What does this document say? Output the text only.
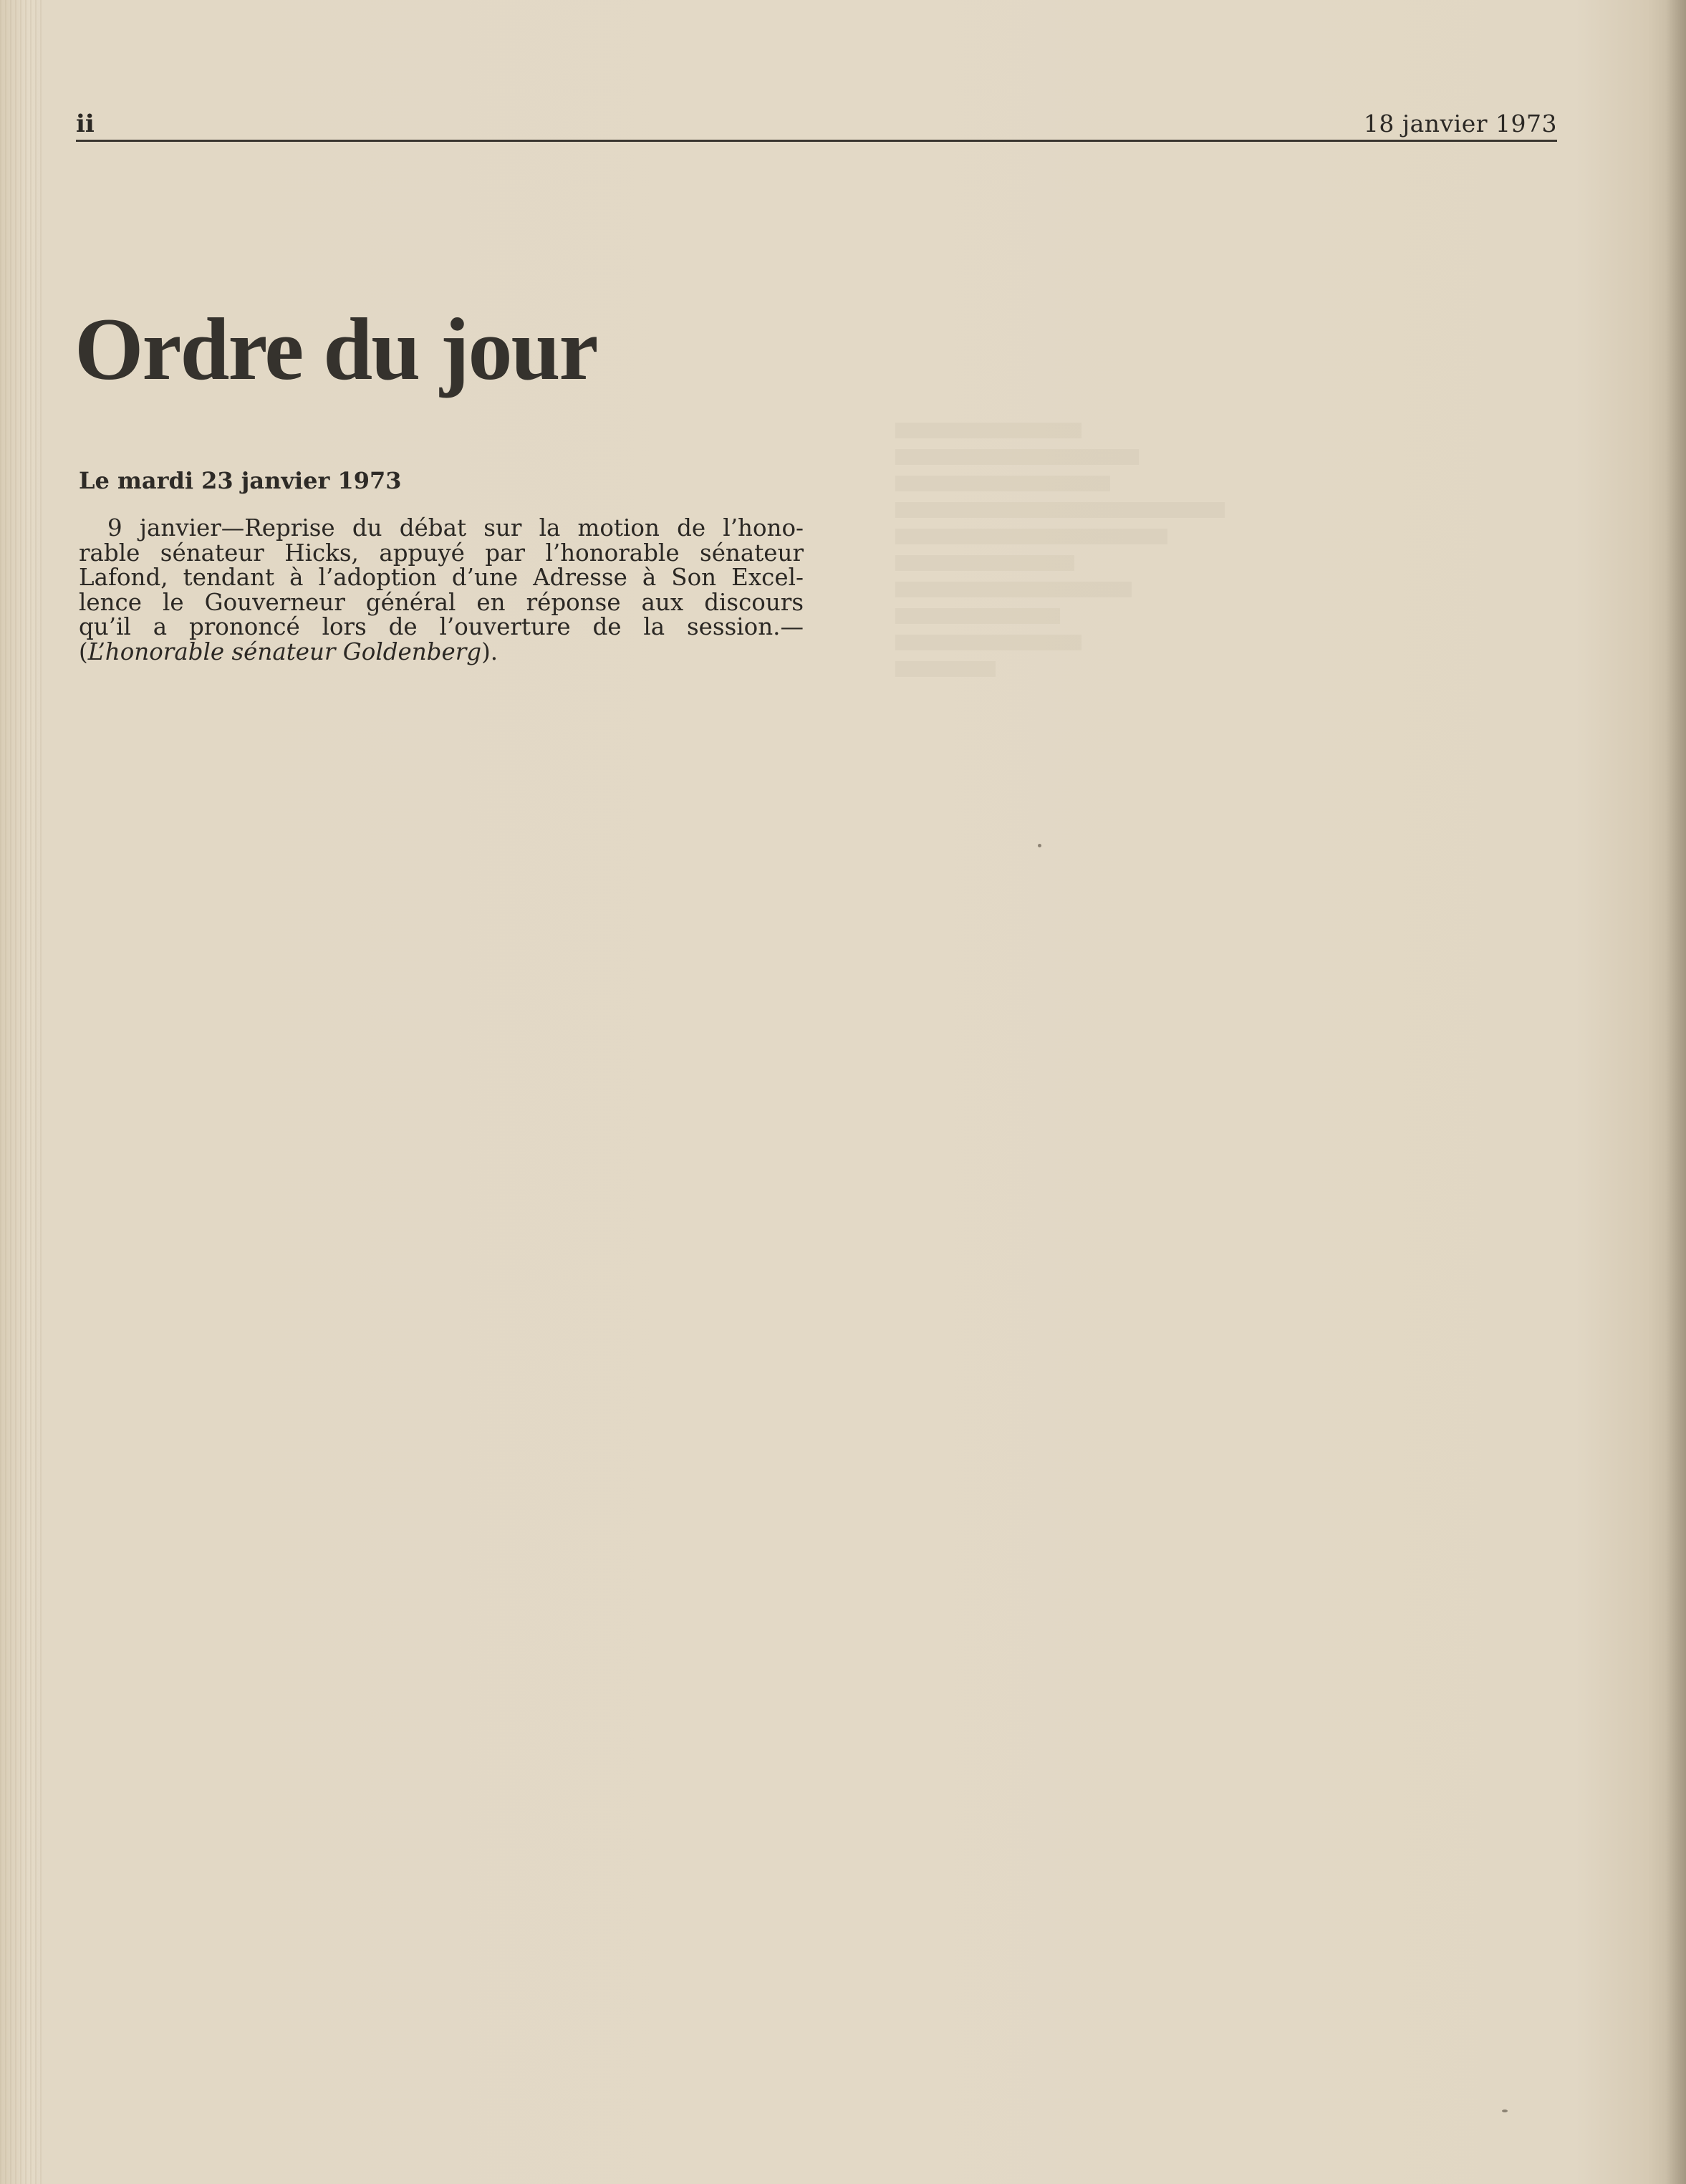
ii	18 janvier 1973
Ordre du jour
Le mardi 23 janvier 1973
9 janvier—Reprise du débat sur la motion de l’hono-
rable sénateur Hicks, appuyé par l’honorable sénateur
Lafond, tendant à l’adoption d’une Adresse à Son Excel-
lence le Gouverneur général en réponse aux discours
qu’il a prononcé lors de l’ouverture de la session.—
(L’honorable sénateur Goldenberg).
